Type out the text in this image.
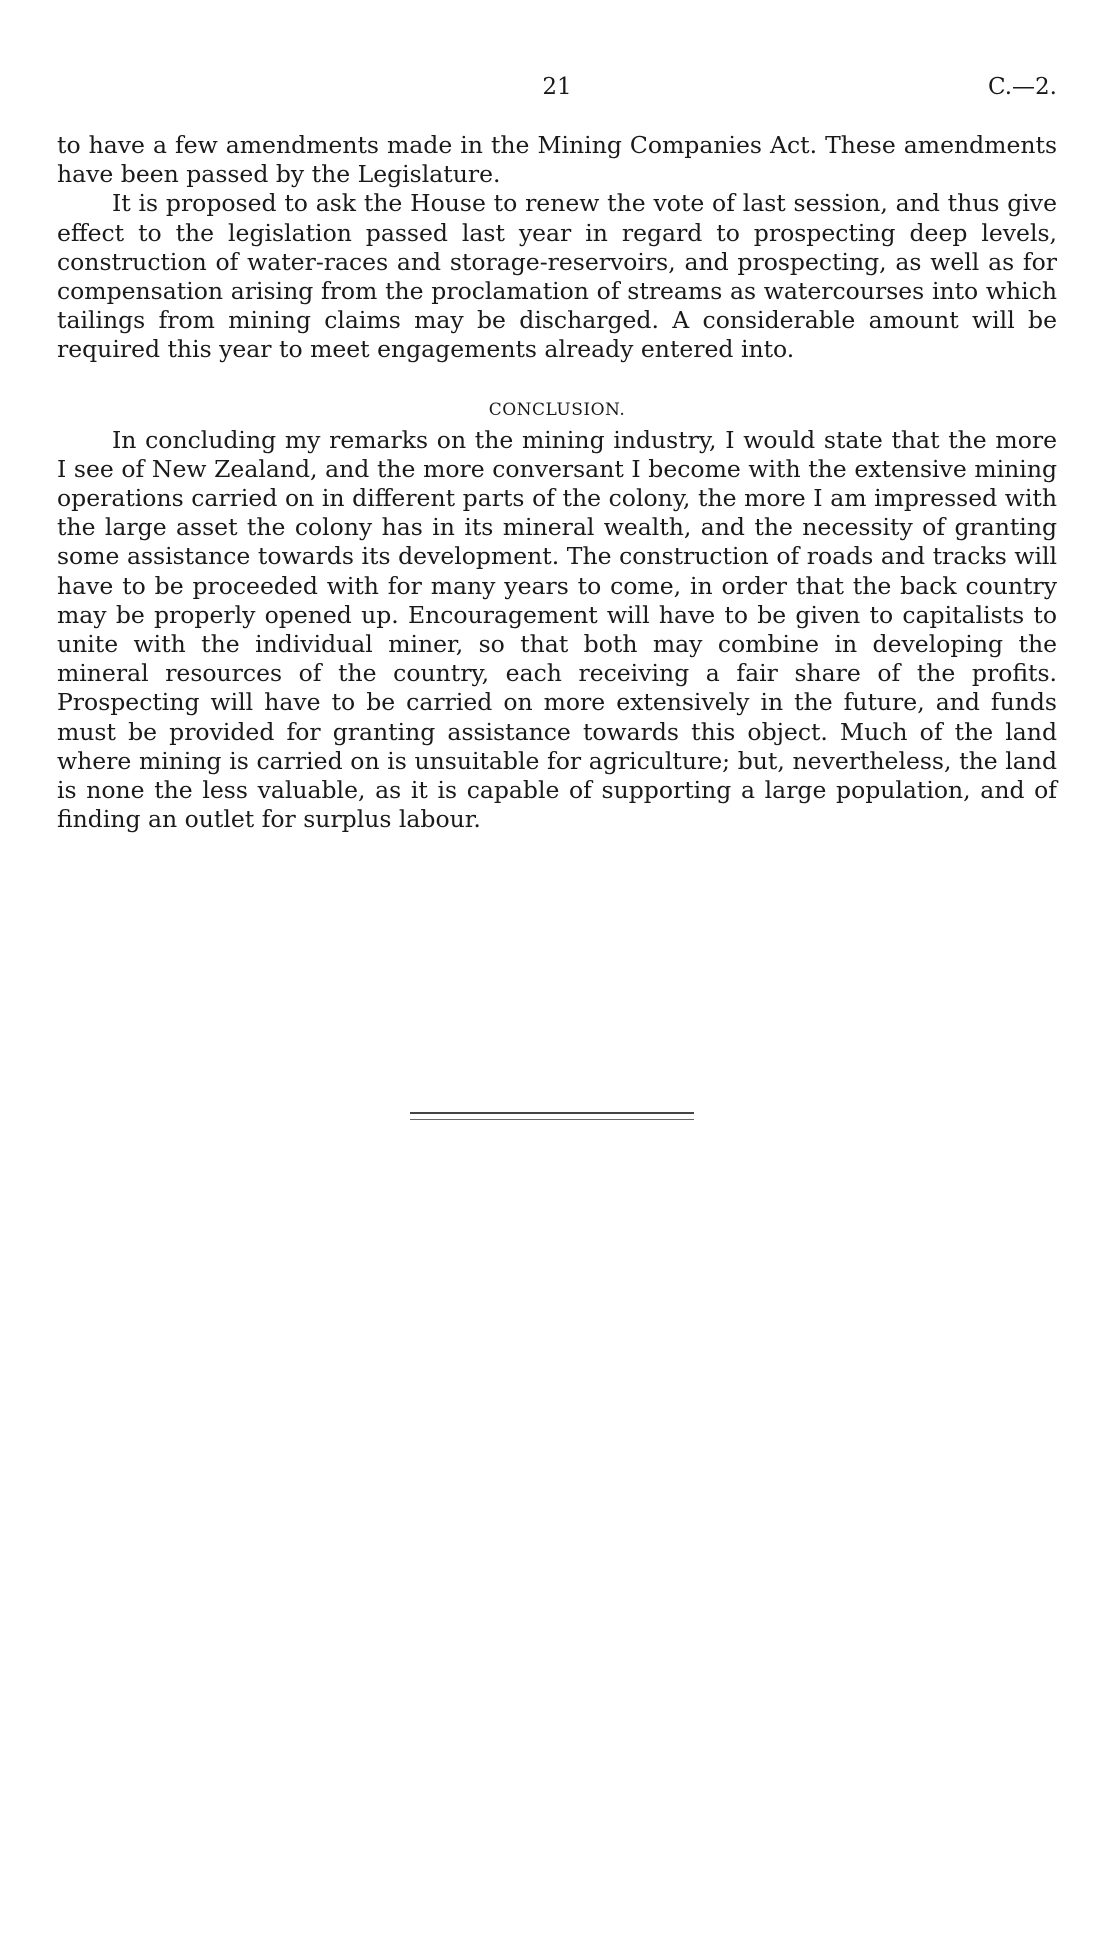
21	C.—2.

to have a few amendments made in the Mining Companies Act. These amendments have been passed by the Legislature.

It is proposed to ask the House to renew the vote of last session, and thus give effect to the legislation passed last year in regard to prospecting deep levels, construction of water-races and storage-reservoirs, and prospecting, as well as for compensation arising from the proclamation of streams as watercourses into which tailings from mining claims may be discharged. A considerable amount will be required this year to meet engagements already entered into.

CONCLUSION.

In concluding my remarks on the mining industry, I would state that the more I see of New Zealand, and the more conversant I become with the extensive mining operations carried on in different parts of the colony, the more I am impressed with the large asset the colony has in its mineral wealth, and the necessity of granting some assistance towards its development. The construction of roads and tracks will have to be proceeded with for many years to come, in order that the back country may be properly opened up. Encouragement will have to be given to capitalists to unite with the individual miner, so that both may combine in developing the mineral resources of the country, each receiving a fair share of the profits. Prospecting will have to be carried on more extensively in the future, and funds must be provided for granting assistance towards this object. Much of the land where mining is carried on is unsuitable for agriculture; but, nevertheless, the land is none the less valuable, as it is capable of supporting a large population, and of finding an outlet for surplus labour.
